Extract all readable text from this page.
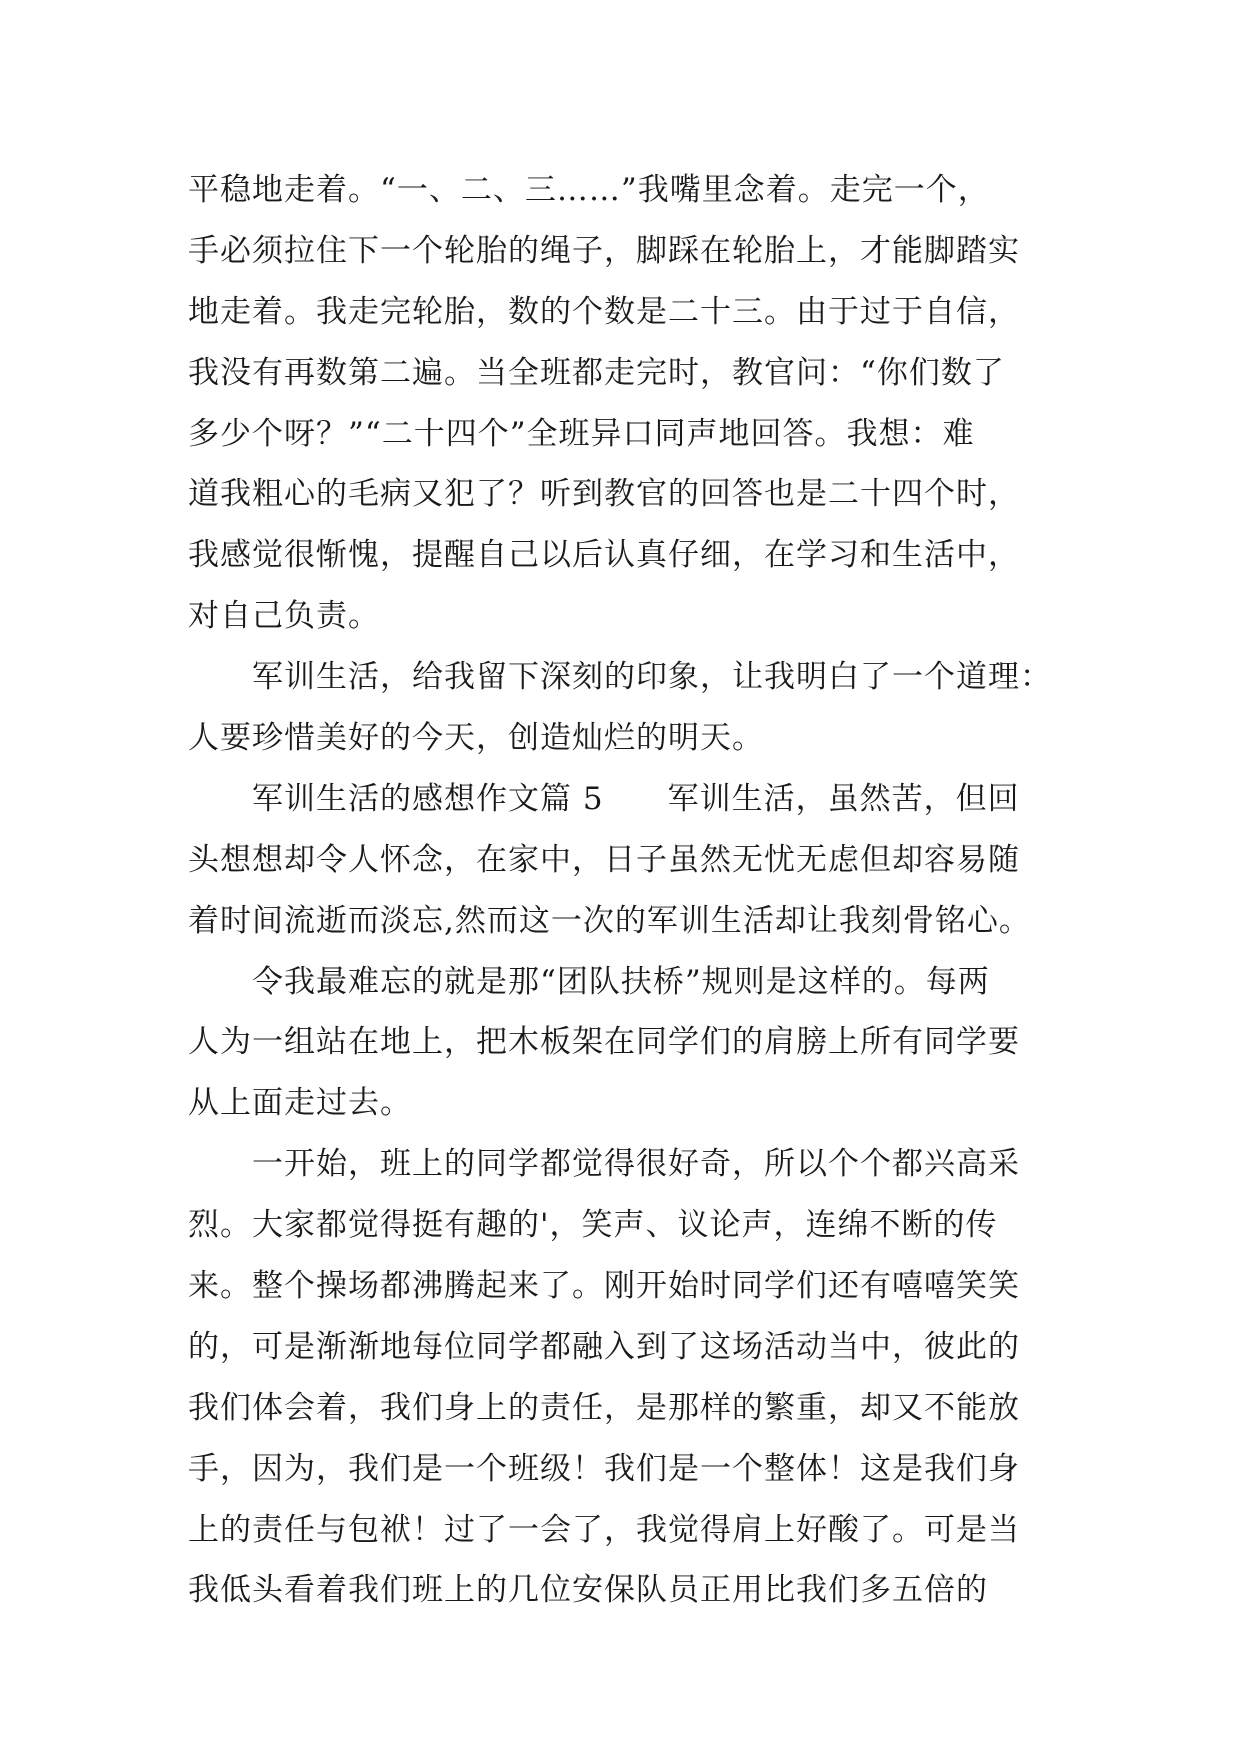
平稳地走着。“一、二、三……”我嘴里念着。走完一个，
手必须拉住下一个轮胎的绳子，脚踩在轮胎上，才能脚踏实
地走着。我走完轮胎，数的个数是二十三。由于过于自信，
我没有再数第二遍。当全班都走完时，教官问：“你们数了
多少个呀？”“二十四个”全班异口同声地回答。我想：难
道我粗心的毛病又犯了？听到教官的回答也是二十四个时，
我感觉很惭愧，提醒自己以后认真仔细，在学习和生活中，
对自己负责。
　　军训生活，给我留下深刻的印象，让我明白了一个道理：
人要珍惜美好的今天，创造灿烂的明天。
　　军训生活的感想作文篇 5　　军训生活，虽然苦，但回
头想想却令人怀念，在家中，日子虽然无忧无虑但却容易随
着时间流逝而淡忘,然而这一次的军训生活却让我刻骨铭心。
　　令我最难忘的就是那“团队扶桥”规则是这样的。每两
人为一组站在地上，把木板架在同学们的肩膀上所有同学要
从上面走过去。
　　一开始，班上的同学都觉得很好奇，所以个个都兴高采
烈。大家都觉得挺有趣的'，笑声、议论声，连绵不断的传
来。整个操场都沸腾起来了。刚开始时同学们还有嘻嘻笑笑
的，可是渐渐地每位同学都融入到了这场活动当中，彼此的
我们体会着，我们身上的责任，是那样的繁重，却又不能放
手，因为，我们是一个班级！我们是一个整体！这是我们身
上的责任与包袱！过了一会了，我觉得肩上好酸了。可是当
我低头看着我们班上的几位安保队员正用比我们多五倍的
